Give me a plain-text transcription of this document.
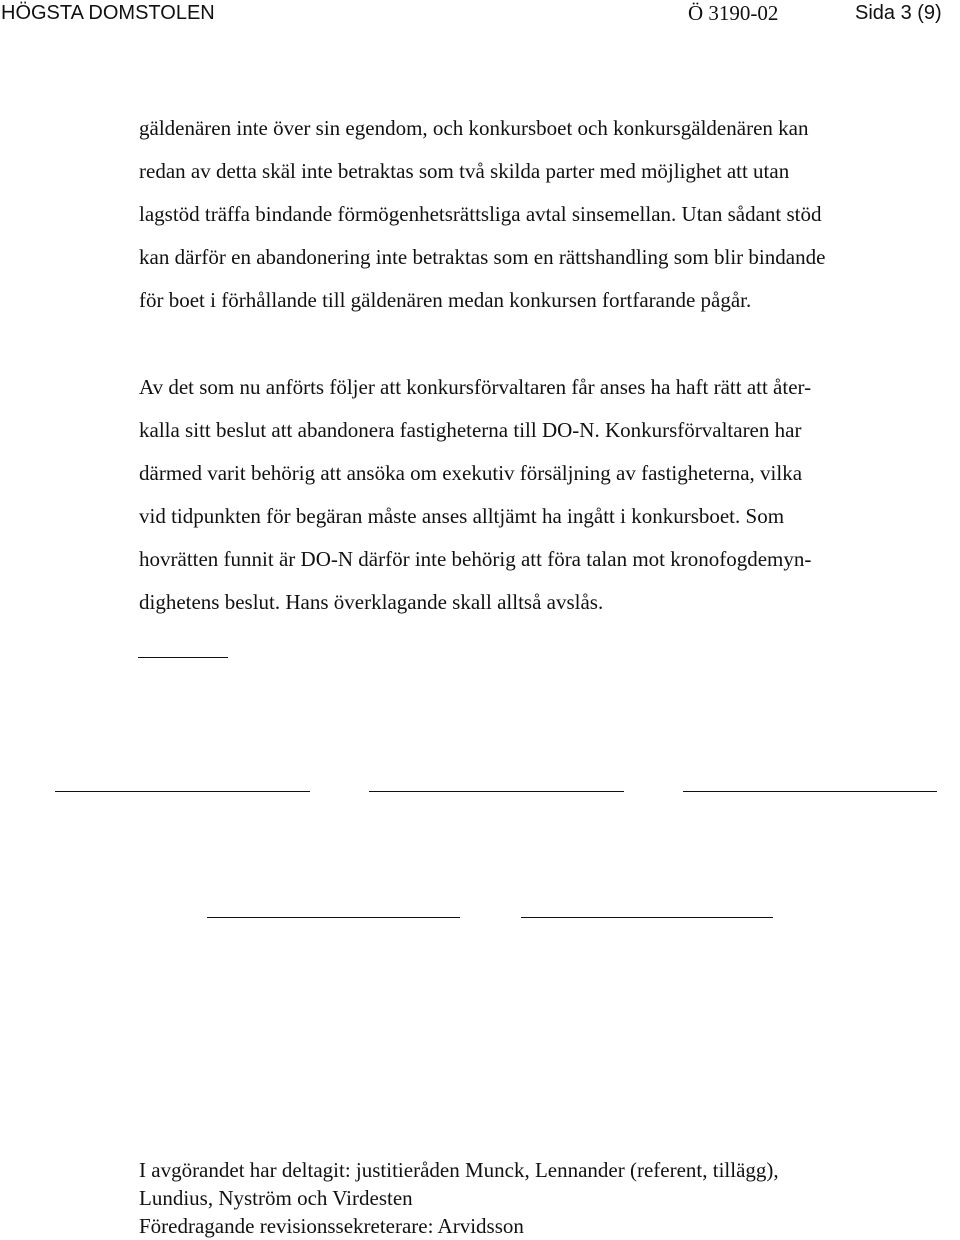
HÖGSTA DOMSTOLEN	Ö 3190-02	Sida 3 (9)

gäldenären inte över sin egendom, och konkursboet och konkursgäldenären kan
redan av detta skäl inte betraktas som två skilda parter med möjlighet att utan
lagstöd träffa bindande förmögenhetsrättsliga avtal sinsemellan. Utan sådant stöd
kan därför en abandonering inte betraktas som en rättshandling som blir bindande
för boet i förhållande till gäldenären medan konkursen fortfarande pågår.

Av det som nu anförts följer att konkursförvaltaren får anses ha haft rätt att åter-
kalla sitt beslut att abandonera fastigheterna till DO-N. Konkursförvaltaren har
därmed varit behörig att ansöka om exekutiv försäljning av fastigheterna, vilka
vid tidpunkten för begäran måste anses alltjämt ha ingått i konkursboet. Som
hovrätten funnit är DO-N därför inte behörig att föra talan mot kronofogdemyn-
dighetens beslut. Hans överklagande skall alltså avslås.

I avgörandet har deltagit: justitieråden Munck, Lennander (referent, tillägg),
Lundius, Nyström och Virdesten
Föredragande revisionssekreterare: Arvidsson
